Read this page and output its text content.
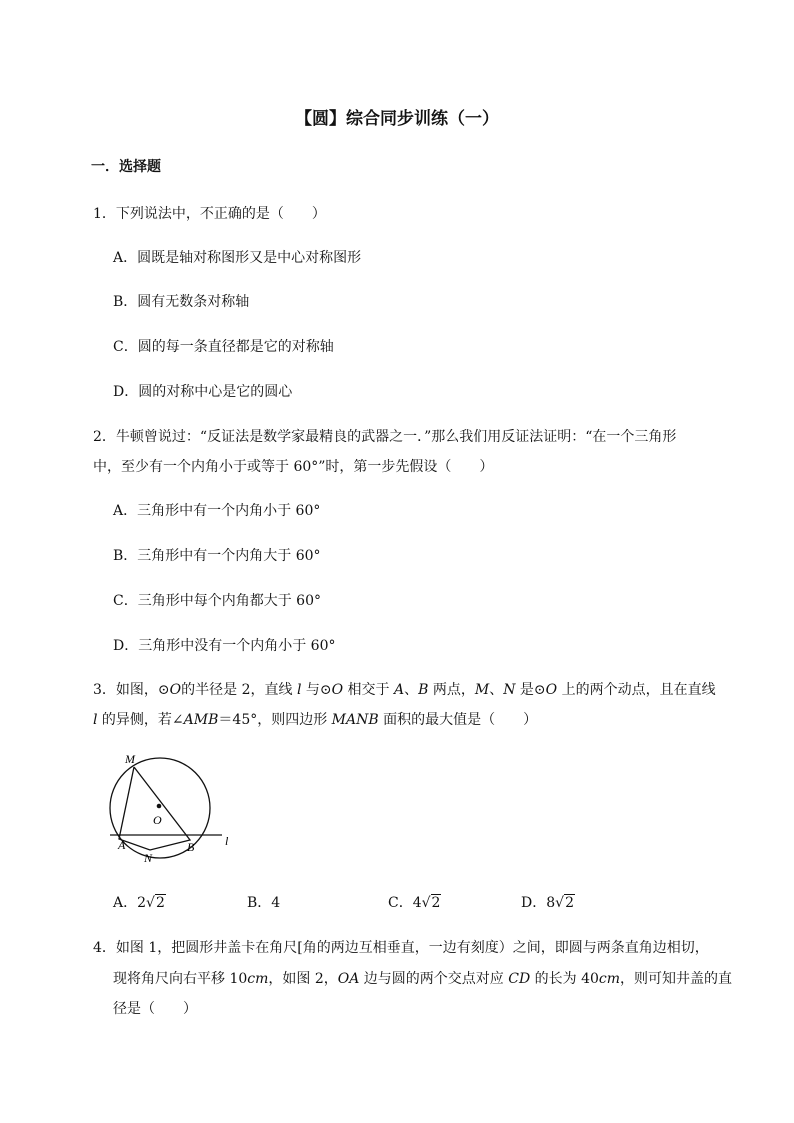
【圆】综合同步训练（一）
一．选择题
1．下列说法中，不正确的是（　　）
A．圆既是轴对称图形又是中心对称图形
B．圆有无数条对称轴
C．圆的每一条直径都是它的对称轴
D．圆的对称中心是它的圆心
2．牛顿曾说过：“反证法是数学家最精良的武器之一．”那么我们用反证法证明：“在一个三角形
中，至少有一个内角小于或等于 60°”时，第一步先假设（　　）
A．三角形中有一个内角小于 60°
B．三角形中有一个内角大于 60°
C．三角形中每个内角都大于 60°
D．三角形中没有一个内角小于 60°
3．如图，⊙O的半径是 2，直线 l 与⊙O 相交于 A、B 两点，M、N 是⊙O 上的两个动点，且在直线
l 的异侧，若∠AMB＝45°，则四边形 MANB 面积的最大值是（　　）
M
O
A
N
B	l
A．2√2	B．4	C．4√2	D．8√2
4．如图 1，把圆形井盖卡在角尺[角的两边互相垂直，一边有刻度）之间，即圆与两条直角边相切，
现将角尺向右平移 10cm，如图 2，OA 边与圆的两个交点对应 CD 的长为 40cm，则可知井盖的直
径是（　　）
